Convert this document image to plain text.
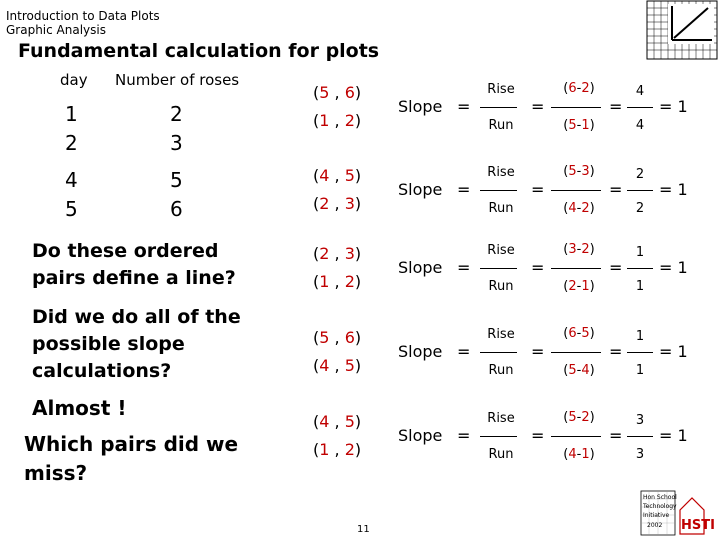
Introduction to Data Plots
Graphic Analysis
Fundamental calculation for plots
day Number of roses
1	2
2	3
4	5
5	6
Do these ordered pairs define a line?
Did we do all of the possible slope calculations?
Almost !
Which pairs did we miss?
(5 , 6)
(1 , 2)
Slope =
Rise
Run
=
(6-2)
(5-1)
=
4
4
= 1
(4 , 5)
(2 , 3)
Slope =
Rise
Run
=
(5-3)
(4-2)
=
2
2
= 1
(2 , 3)
(1 , 2)
Slope =
Rise
Run
=
(3-2)
(2-1)
=
1
1
= 1
(5 , 6)
(4 , 5)
Slope =
Rise
Run
=
(6-5)
(5-4)
=
1
1
= 1
(4 , 5)
(1 , 2)
Slope =
Rise
Run
=
(5-2)
(4-1)
=
3
3
= 1
11
Hon School
Technology
Initiative
2002 HSTI
